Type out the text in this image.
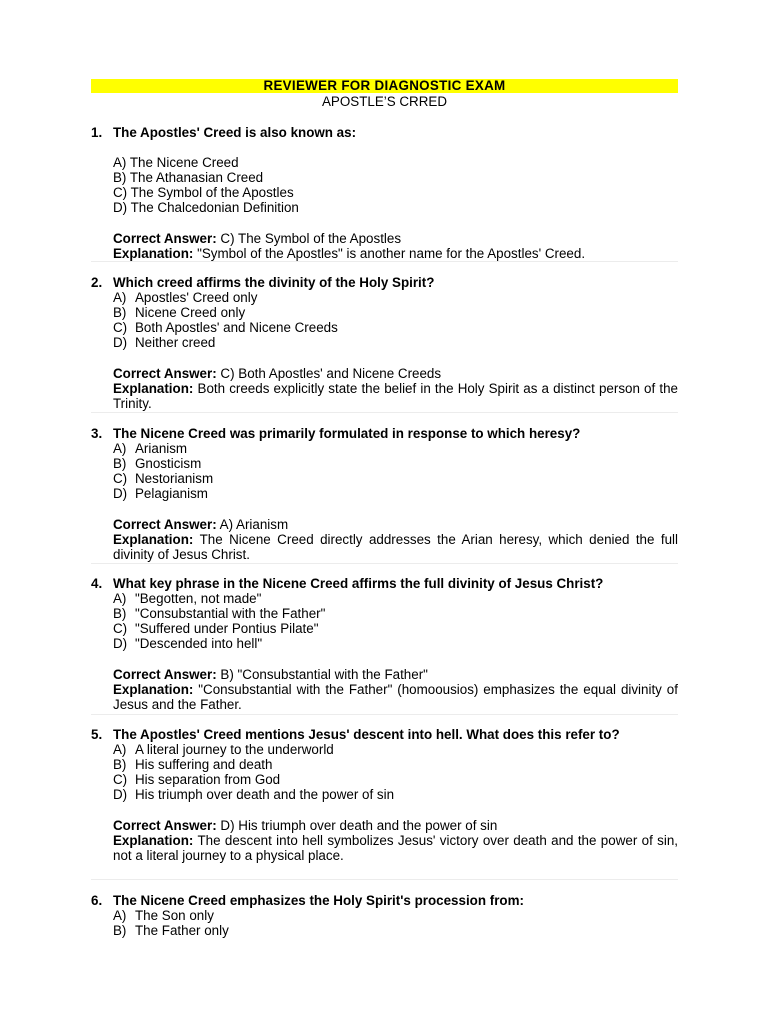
REVIEWER FOR DIAGNOSTIC EXAM
APOSTLE’S CRRED
1. The Apostles' Creed is also known as:
A) The Nicene Creed
B) The Athanasian Creed
C) The Symbol of the Apostles
D) The Chalcedonian Definition
Correct Answer: C) The Symbol of the Apostles
Explanation: "Symbol of the Apostles" is another name for the Apostles' Creed.
2. Which creed affirms the divinity of the Holy Spirit?
A) Apostles' Creed only
B) Nicene Creed only
C) Both Apostles' and Nicene Creeds
D) Neither creed
Correct Answer: C) Both Apostles' and Nicene Creeds
Explanation: Both creeds explicitly state the belief in the Holy Spirit as a distinct person of the Trinity.
3. The Nicene Creed was primarily formulated in response to which heresy?
A) Arianism
B) Gnosticism
C) Nestorianism
D) Pelagianism
Correct Answer: A) Arianism
Explanation: The Nicene Creed directly addresses the Arian heresy, which denied the full divinity of Jesus Christ.
4. What key phrase in the Nicene Creed affirms the full divinity of Jesus Christ?
A) "Begotten, not made"
B) "Consubstantial with the Father"
C) "Suffered under Pontius Pilate"
D) "Descended into hell"
Correct Answer: B) "Consubstantial with the Father"
Explanation: "Consubstantial with the Father" (homoousios) emphasizes the equal divinity of Jesus and the Father.
5. The Apostles' Creed mentions Jesus' descent into hell. What does this refer to?
A) A literal journey to the underworld
B) His suffering and death
C) His separation from God
D) His triumph over death and the power of sin
Correct Answer: D) His triumph over death and the power of sin
Explanation: The descent into hell symbolizes Jesus' victory over death and the power of sin, not a literal journey to a physical place.
6. The Nicene Creed emphasizes the Holy Spirit's procession from:
A) The Son only
B) The Father only
